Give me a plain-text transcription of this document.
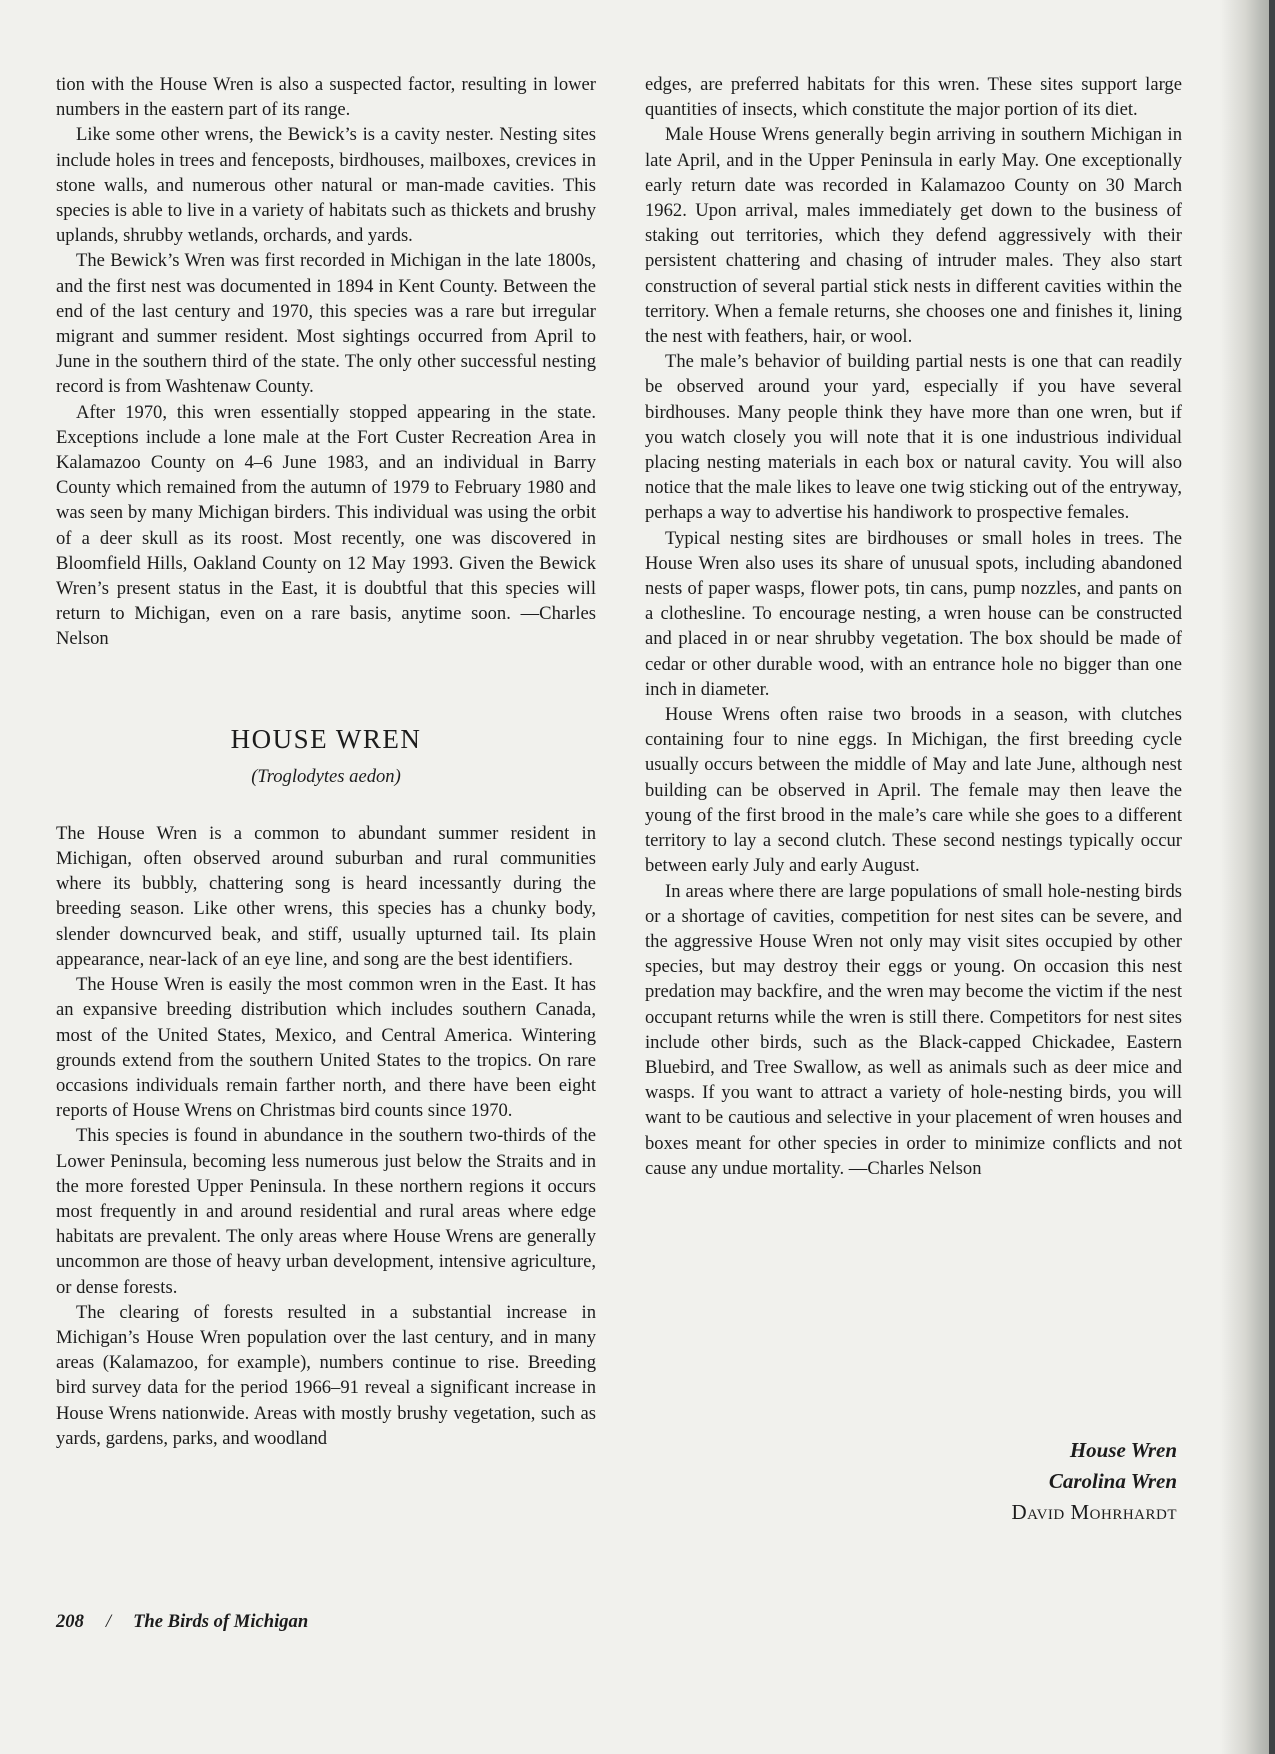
tion with the House Wren is also a suspected factor, resulting in lower numbers in the eastern part of its range.

Like some other wrens, the Bewick’s is a cavity nester. Nesting sites include holes in trees and fenceposts, birdhouses, mailboxes, crevices in stone walls, and numerous other natural or man-made cavities. This species is able to live in a variety of habitats such as thickets and brushy uplands, shrubby wetlands, orchards, and yards.

The Bewick’s Wren was first recorded in Michigan in the late 1800s, and the first nest was documented in 1894 in Kent County. Between the end of the last century and 1970, this species was a rare but irregular migrant and summer resident. Most sightings occurred from April to June in the southern third of the state. The only other successful nesting record is from Washtenaw County.

After 1970, this wren essentially stopped appearing in the state. Exceptions include a lone male at the Fort Custer Recreation Area in Kalamazoo County on 4–6 June 1983, and an individual in Barry County which remained from the autumn of 1979 to February 1980 and was seen by many Michigan birders. This individual was using the orbit of a deer skull as its roost. Most recently, one was discovered in Bloomfield Hills, Oakland County on 12 May 1993. Given the Bewick Wren’s present status in the East, it is doubtful that this species will return to Michigan, even on a rare basis, anytime soon. —Charles Nelson

HOUSE WREN
(Troglodytes aedon)

The House Wren is a common to abundant summer resident in Michigan, often observed around suburban and rural communities where its bubbly, chattering song is heard incessantly during the breeding season. Like other wrens, this species has a chunky body, slender downcurved beak, and stiff, usually upturned tail. Its plain appearance, near-lack of an eye line, and song are the best identifiers.

The House Wren is easily the most common wren in the East. It has an expansive breeding distribution which includes southern Canada, most of the United States, Mexico, and Central America. Wintering grounds extend from the southern United States to the tropics. On rare occasions individuals remain farther north, and there have been eight reports of House Wrens on Christmas bird counts since 1970.

This species is found in abundance in the southern two-thirds of the Lower Peninsula, becoming less numerous just below the Straits and in the more forested Upper Peninsula. In these northern regions it occurs most frequently in and around residential and rural areas where edge habitats are prevalent. The only areas where House Wrens are generally uncommon are those of heavy urban development, intensive agriculture, or dense forests.

The clearing of forests resulted in a substantial increase in Michigan’s House Wren population over the last century, and in many areas (Kalamazoo, for example), numbers continue to rise. Breeding bird survey data for the period 1966–91 reveal a significant increase in House Wrens nationwide. Areas with mostly brushy vegetation, such as yards, gardens, parks, and woodland

edges, are preferred habitats for this wren. These sites support large quantities of insects, which constitute the major portion of its diet.

Male House Wrens generally begin arriving in southern Michigan in late April, and in the Upper Peninsula in early May. One exceptionally early return date was recorded in Kalamazoo County on 30 March 1962. Upon arrival, males immediately get down to the business of staking out territories, which they defend aggressively with their persistent chattering and chasing of intruder males. They also start construction of several partial stick nests in different cavities within the territory. When a female returns, she chooses one and finishes it, lining the nest with feathers, hair, or wool.

The male’s behavior of building partial nests is one that can readily be observed around your yard, especially if you have several birdhouses. Many people think they have more than one wren, but if you watch closely you will note that it is one industrious individual placing nesting materials in each box or natural cavity. You will also notice that the male likes to leave one twig sticking out of the entryway, perhaps a way to advertise his handiwork to prospective females.

Typical nesting sites are birdhouses or small holes in trees. The House Wren also uses its share of unusual spots, including abandoned nests of paper wasps, flower pots, tin cans, pump nozzles, and pants on a clothesline. To encourage nesting, a wren house can be constructed and placed in or near shrubby vegetation. The box should be made of cedar or other durable wood, with an entrance hole no bigger than one inch in diameter.

House Wrens often raise two broods in a season, with clutches containing four to nine eggs. In Michigan, the first breeding cycle usually occurs between the middle of May and late June, although nest building can be observed in April. The female may then leave the young of the first brood in the male’s care while she goes to a different territory to lay a second clutch. These second nestings typically occur between early July and early August.

In areas where there are large populations of small hole-nesting birds or a shortage of cavities, competition for nest sites can be severe, and the aggressive House Wren not only may visit sites occupied by other species, but may destroy their eggs or young. On occasion this nest predation may backfire, and the wren may become the victim if the nest occupant returns while the wren is still there. Competitors for nest sites include other birds, such as the Black-capped Chickadee, Eastern Bluebird, and Tree Swallow, as well as animals such as deer mice and wasps. If you want to attract a variety of hole-nesting birds, you will want to be cautious and selective in your placement of wren houses and boxes meant for other species in order to minimize conflicts and not cause any undue mortality. —Charles Nelson

House Wren
Carolina Wren
David Mohrhardt
208 / The Birds of Michigan
